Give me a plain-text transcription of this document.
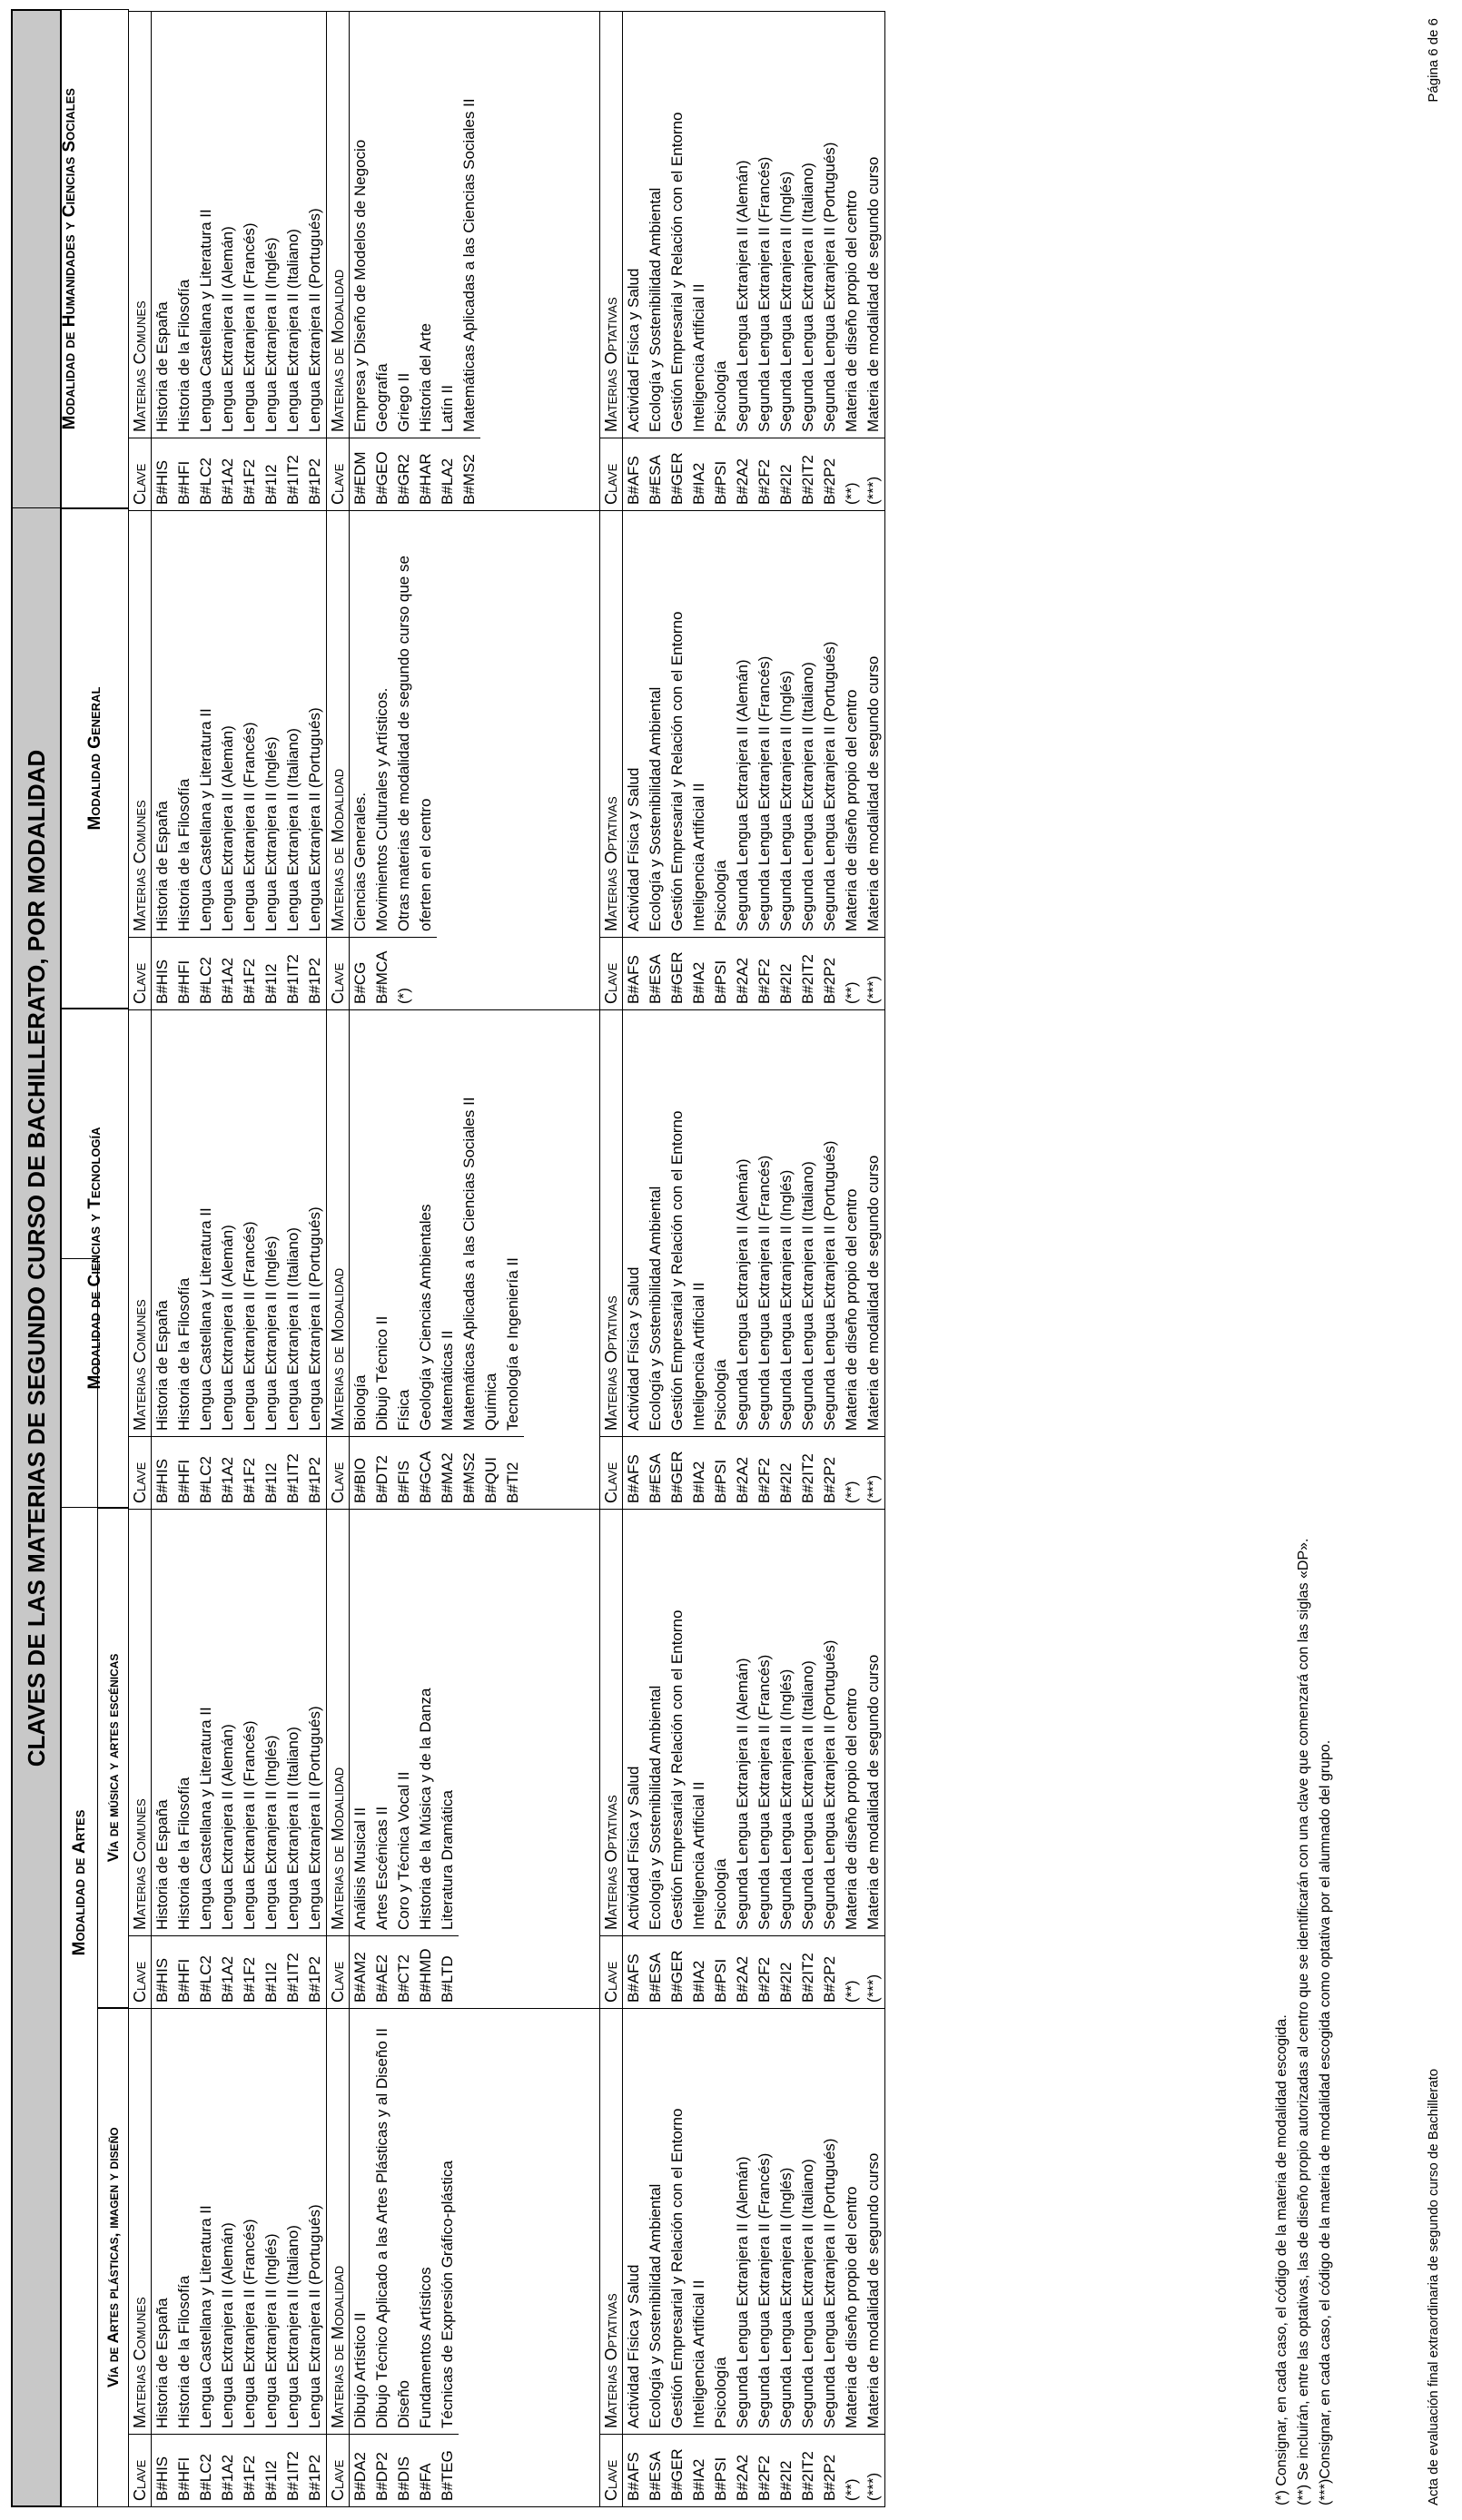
CLAVES DE LAS MATERIAS DE SEGUNDO CURSO DE BACHILLERATO, POR MODALIDAD
Modalidad de Artes
Vía de Artes plásticas, imagen y diseño
Vía de música y artes escénicas
Modalidad de Ciencias y Tecnología
Modalidad General
Modalidad de Humanidades y Ciencias Sociales
Clave
Materias Comunes
B#HIS
Historia de España
B#HFI
Historia de la Filosofía
B#LC2
Lengua Castellana y Literatura II
B#1A2
Lengua Extranjera II (Alemán)
B#1F2
Lengua Extranjera II (Francés)
B#1I2
Lengua Extranjera II (Inglés)
B#1IT2
Lengua Extranjera II (Italiano)
B#1P2
Lengua Extranjera II (Portugués)
Clave
Materias de Modalidad
B#DA2
Dibujo Artístico II
B#DP2
Dibujo Técnico Aplicado a las Artes Plásticas y al Diseño II
B#DIS
Diseño
B#FA
Fundamentos Artísticos
B#TEG
Técnicas de Expresión Gráfico-plástica
Clave
Materias Optativas
B#AFS
Actividad Física y Salud
B#ESA
Ecología y Sostenibilidad Ambiental
B#GER
Gestión Empresarial y Relación con el Entorno
B#IA2
Inteligencia Artificial II
B#PSI
Psicología
B#2A2
Segunda Lengua Extranjera II (Alemán)
B#2F2
Segunda Lengua Extranjera II (Francés)
B#2I2
Segunda Lengua Extranjera II (Inglés)
B#2IT2
Segunda Lengua Extranjera II (Italiano)
B#2P2
Segunda Lengua Extranjera II (Portugués)
(**)
Materia de diseño propio del centro
(***)
Materia de modalidad de segundo curso
Clave
Materias Comunes
B#HIS
Historia de España
B#HFI
Historia de la Filosofía
B#LC2
Lengua Castellana y Literatura II
B#1A2
Lengua Extranjera II (Alemán)
B#1F2
Lengua Extranjera II (Francés)
B#1I2
Lengua Extranjera II (Inglés)
B#1IT2
Lengua Extranjera II (Italiano)
B#1P2
Lengua Extranjera II (Portugués)
Clave
Materias de Modalidad
B#AM2
Análisis Musical II
B#AE2
Artes Escénicas II
B#CT2
Coro y Técnica Vocal II
B#HMD
Historia de la Música y de la Danza
B#LTD
Literatura Dramática
Clave
Materias Optativas
B#AFS
Actividad Física y Salud
B#ESA
Ecología y Sostenibilidad Ambiental
B#GER
Gestión Empresarial y Relación con el Entorno
B#IA2
Inteligencia Artificial II
B#PSI
Psicología
B#2A2
Segunda Lengua Extranjera II (Alemán)
B#2F2
Segunda Lengua Extranjera II (Francés)
B#2I2
Segunda Lengua Extranjera II (Inglés)
B#2IT2
Segunda Lengua Extranjera II (Italiano)
B#2P2
Segunda Lengua Extranjera II (Portugués)
(**)
Materia de diseño propio del centro
(***)
Materia de modalidad de segundo curso
Clave
Materias Comunes
B#HIS
Historia de España
B#HFI
Historia de la Filosofía
B#LC2
Lengua Castellana y Literatura II
B#1A2
Lengua Extranjera II (Alemán)
B#1F2
Lengua Extranjera II (Francés)
B#1I2
Lengua Extranjera II (Inglés)
B#1IT2
Lengua Extranjera II (Italiano)
B#1P2
Lengua Extranjera II (Portugués)
Clave
Materias de Modalidad
B#BIO
Biología
B#DT2
Dibujo Técnico II
B#FIS
Física
B#GCA
Geología y Ciencias Ambientales
B#MA2
Matemáticas II
B#MS2
Matemáticas Aplicadas a las Ciencias Sociales II
B#QUI
Química
B#TI2
Tecnología e Ingeniería II
Clave
Materias Optativas
B#AFS
Actividad Física y Salud
B#ESA
Ecología y Sostenibilidad Ambiental
B#GER
Gestión Empresarial y Relación con el Entorno
B#IA2
Inteligencia Artificial II
B#PSI
Psicología
B#2A2
Segunda Lengua Extranjera II (Alemán)
B#2F2
Segunda Lengua Extranjera II (Francés)
B#2I2
Segunda Lengua Extranjera II (Inglés)
B#2IT2
Segunda Lengua Extranjera II (Italiano)
B#2P2
Segunda Lengua Extranjera II (Portugués)
(**)
Materia de diseño propio del centro
(***)
Materia de modalidad de segundo curso
Clave
Materias Comunes
B#HIS
Historia de España
B#HFI
Historia de la Filosofía
B#LC2
Lengua Castellana y Literatura II
B#1A2
Lengua Extranjera II (Alemán)
B#1F2
Lengua Extranjera II (Francés)
B#1I2
Lengua Extranjera II (Inglés)
B#1IT2
Lengua Extranjera II (Italiano)
B#1P2
Lengua Extranjera II (Portugués)
Clave
Materias de Modalidad
B#CG
Ciencias Generales.
B#MCA
Movimientos Culturales y Artísticos.
(*)
Otras materias de modalidad de segundo curso que se oferten en el centro
Clave
Materias Optativas
B#AFS
Actividad Física y Salud
B#ESA
Ecología y Sostenibilidad Ambiental
B#GER
Gestión Empresarial y Relación con el Entorno
B#IA2
Inteligencia Artificial II
B#PSI
Psicología
B#2A2
Segunda Lengua Extranjera II (Alemán)
B#2F2
Segunda Lengua Extranjera II (Francés)
B#2I2
Segunda Lengua Extranjera II (Inglés)
B#2IT2
Segunda Lengua Extranjera II (Italiano)
B#2P2
Segunda Lengua Extranjera II (Portugués)
(**)
Materia de diseño propio del centro
(***)
Materia de modalidad de segundo curso
Clave
Materias Comunes
B#HIS
Historia de España
B#HFI
Historia de la Filosofía
B#LC2
Lengua Castellana y Literatura II
B#1A2
Lengua Extranjera II (Alemán)
B#1F2
Lengua Extranjera II (Francés)
B#1I2
Lengua Extranjera II (Inglés)
B#1IT2
Lengua Extranjera II (Italiano)
B#1P2
Lengua Extranjera II (Portugués)
Clave
Materias de Modalidad
B#EDM
Empresa y Diseño de Modelos de Negocio
B#GEO
Geografía
B#GR2
Griego II
B#HAR
Historia del Arte
B#LA2
Latín II
B#MS2
Matemáticas Aplicadas a las Ciencias Sociales II
Clave
Materias Optativas
B#AFS
Actividad Física y Salud
B#ESA
Ecología y Sostenibilidad Ambiental
B#GER
Gestión Empresarial y Relación con el Entorno
B#IA2
Inteligencia Artificial II
B#PSI
Psicología
B#2A2
Segunda Lengua Extranjera II (Alemán)
B#2F2
Segunda Lengua Extranjera II (Francés)
B#2I2
Segunda Lengua Extranjera II (Inglés)
B#2IT2
Segunda Lengua Extranjera II (Italiano)
B#2P2
Segunda Lengua Extranjera II (Portugués)
(**)
Materia de diseño propio del centro
(***)
Materia de modalidad de segundo curso
(*) Consignar, en cada caso, el código de la materia de modalidad escogida. (**) Se incluirán, entre las optativas, las de diseño propio autorizadas al centro que se identificarán con una clave que comenzará con las siglas «DP». (***)Consignar, en cada caso, el código de la materia de modalidad escogida como optativa por el alumnado del grupo.	Acta de evaluación final extraordinaria de segundo curso de Bachillerato
Página 6 de 6
